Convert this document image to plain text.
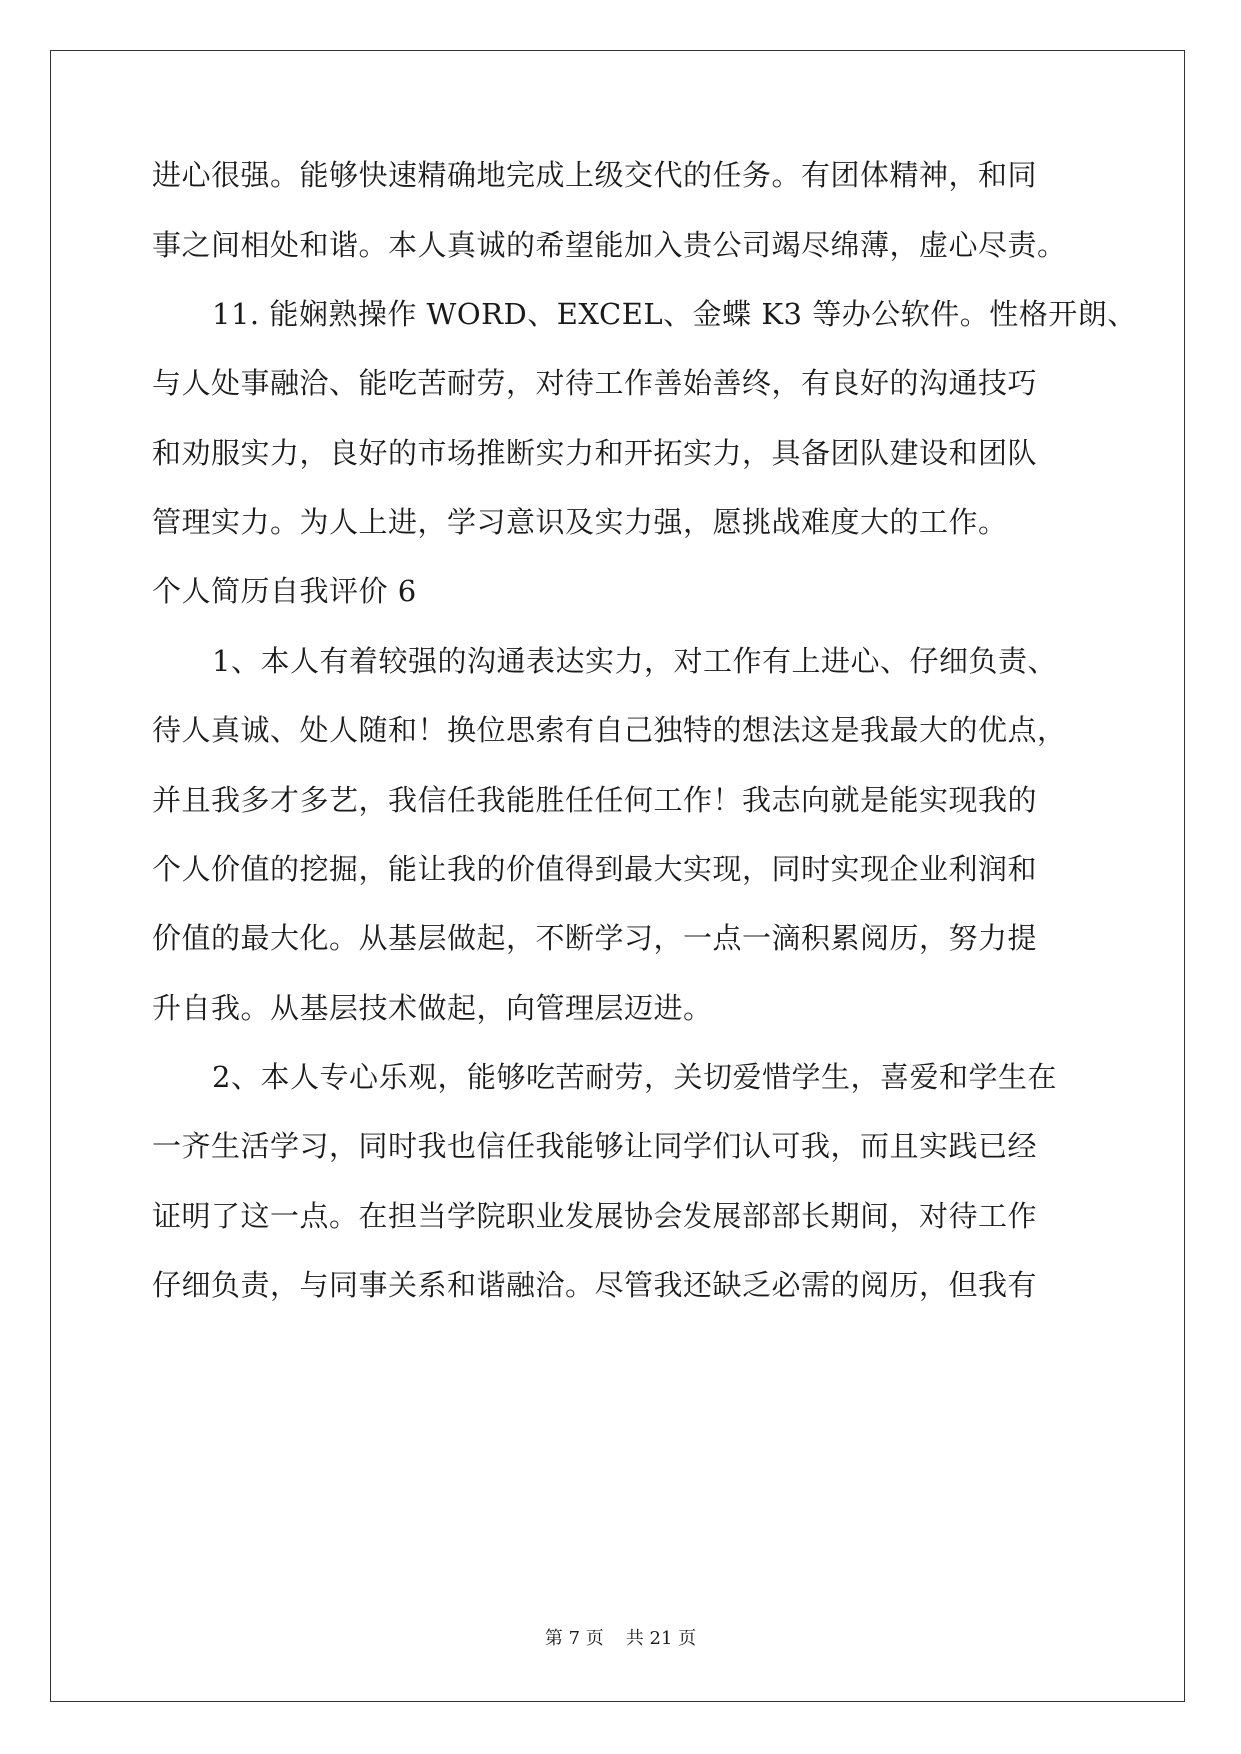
进心很强。能够快速精确地完成上级交代的任务。有团体精神，和同
事之间相处和谐。本人真诚的希望能加入贵公司竭尽绵薄，虚心尽责。
11. 能娴熟操作 WORD、EXCEL、金蝶 K3 等办公软件。性格开朗、
与人处事融洽、能吃苦耐劳，对待工作善始善终，有良好的沟通技巧
和劝服实力，良好的市场推断实力和开拓实力，具备团队建设和团队
管理实力。为人上进，学习意识及实力强，愿挑战难度大的工作。
个人简历自我评价 6
1、本人有着较强的沟通表达实力，对工作有上进心、仔细负责、
待人真诚、处人随和！换位思索有自己独特的想法这是我最大的优点，
并且我多才多艺，我信任我能胜任任何工作！我志向就是能实现我的
个人价值的挖掘，能让我的价值得到最大实现，同时实现企业利润和
价值的最大化。从基层做起，不断学习，一点一滴积累阅历，努力提
升自我。从基层技术做起，向管理层迈进。
2、本人专心乐观，能够吃苦耐劳，关切爱惜学生，喜爱和学生在
一齐生活学习，同时我也信任我能够让同学们认可我，而且实践已经
证明了这一点。在担当学院职业发展协会发展部部长期间，对待工作
仔细负责，与同事关系和谐融洽。尽管我还缺乏必需的阅历，但我有
第 7 页 共 21 页
